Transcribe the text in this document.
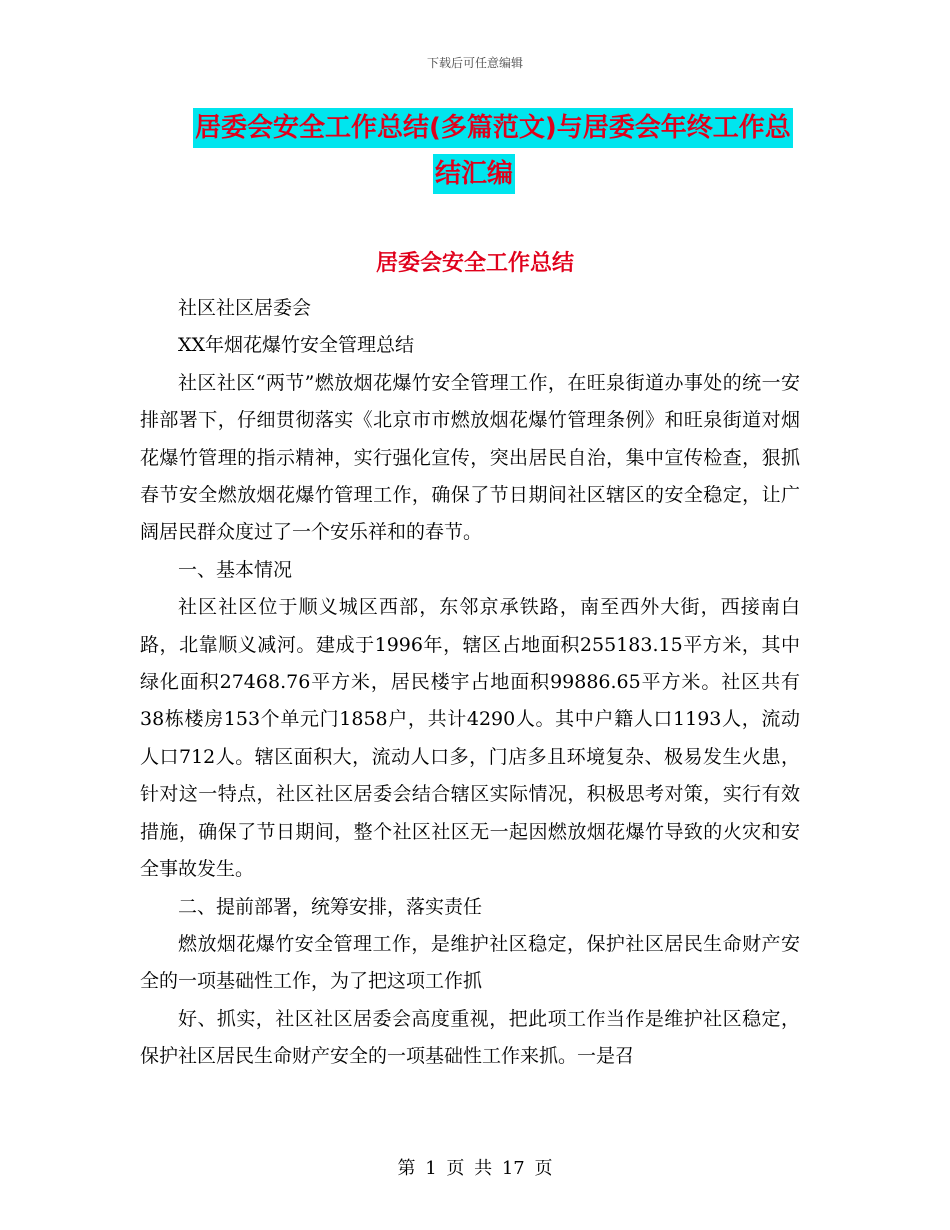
下载后可任意编辑
居委会安全工作总结(多篇范文)与居委会年终工作总
结汇编
居委会安全工作总结

社区社区居委会

XX年烟花爆竹安全管理总结

社区社区“两节”燃放烟花爆竹安全管理工作，在旺泉街道办事处的统一安排部署下，仔细贯彻落实《北京市市燃放烟花爆竹管理条例》和旺泉街道对烟花爆竹管理的指示精神，实行强化宣传，突出居民自治，集中宣传检查，狠抓春节安全燃放烟花爆竹管理工作，确保了节日期间社区辖区的安全稳定，让广阔居民群众度过了一个安乐祥和的春节。

一、基本情况

社区社区位于顺义城区西部，东邻京承铁路，南至西外大街，西接南白路，北靠顺义减河。建成于1996年，辖区占地面积255183.15平方米，其中绿化面积27468.76平方米，居民楼宇占地面积99886.65平方米。社区共有38栋楼房153个单元门1858户，共计4290人。其中户籍人口1193人，流动人口712人。辖区面积大，流动人口多，门店多且环境复杂、极易发生火患，针对这一特点，社区社区居委会结合辖区实际情况，积极思考对策，实行有效措施，确保了节日期间，整个社区社区无一起因燃放烟花爆竹导致的火灾和安全事故发生。

二、提前部署，统筹安排，落实责任

燃放烟花爆竹安全管理工作，是维护社区稳定，保护社区居民生命财产安全的一项基础性工作，为了把这项工作抓

好、抓实，社区社区居委会高度重视，把此项工作当作是维护社区稳定，保护社区居民生命财产安全的一项基础性工作来抓。一是召

第 1 页 共 17 页
